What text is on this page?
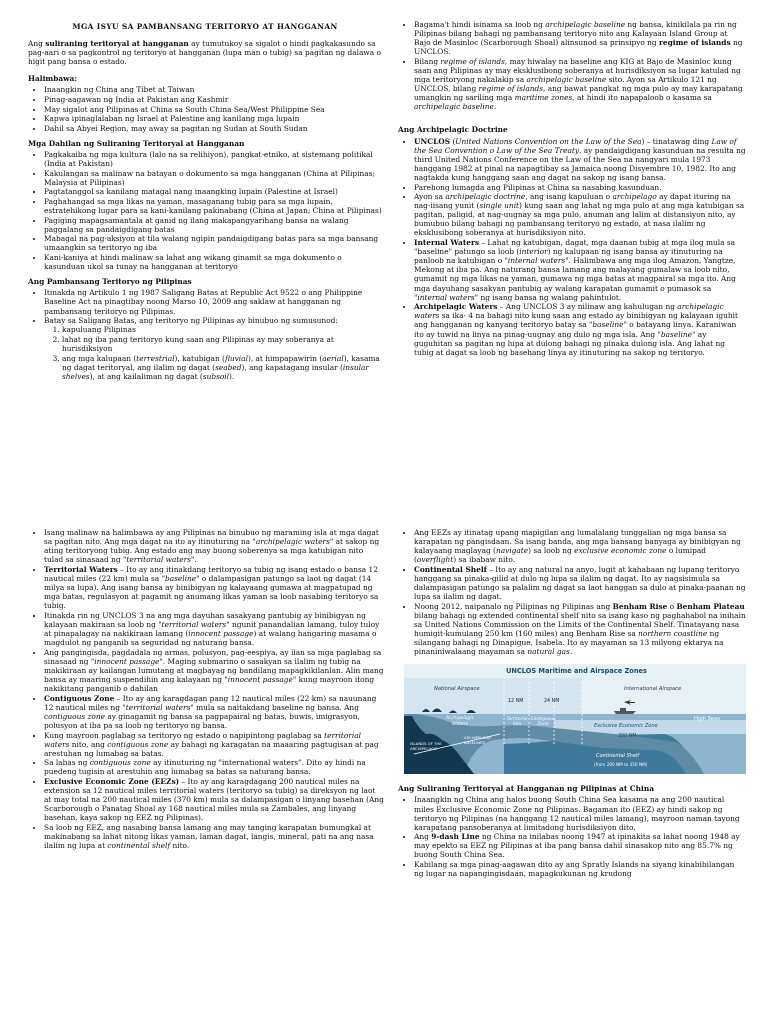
MGA ISYU SA PAMBANSANG TERITORYO AT HANGGANAN

Ang suliraning teritoryal at hangganan ay tumutukoy sa sigalot o hindi pagkakasundo sa pag-aari o sa pagkontrol ng teritoryo at hangganan (lupa man o tubig) sa pagitan ng dalawa o higit pang bansa o estado.

Halimbawa:
• Inaangkin ng China ang Tibet at Taiwan
• Pinag-aagawan ng India at Pakistan ang Kashmir
• May sigalot ang Pilipinas at China sa South China Sea/West Philippine Sea
• Kapwa ipinaglalaban ng Israel at Palestine ang kanilang mga lupain
• Dahil sa Abyei Region, may away sa pagitan ng Sudan at South Sudan
Mga Dahilan ng Suliraning Teritoryal at Hangganan
• Pagkakaiba ng mga kultura (lalo na sa relihiyon), pangkat-etniko, at sistemang politikal (India at Pakistan)
• Kakulangan sa malinaw na batayan o dokumento sa mga hangganan (China at Pilipinas; Malaysia at Pilipinas)
• Pagtatanggol sa kanilang matagal nang inaangking lupain (Palestine at Israel)
• Paghahangad sa mga likas na yaman, masaganang tubig para sa mga lupain, estratehikong lugar para sa kani-kanilang pakinabang (China at Japan; China at Pilipinas)
• Pagiging mapagsamantala at ganid ng ilang makapangyarihang bansa na walang paggalang sa pandaigdigang batas
• Mabagal na pag-aksiyon at tila walang ngipin pandaigdigang batas para sa mga bansang umaangkin sa teritoryo ng iba
• Kani-kaniya at hindi malinaw sa lahat ang wikang ginamit sa mga dokumento o kasunduan ukol sa tunay na hangganan at teritoryo
Ang Pambansang Teritoryo ng Pilipinas
• Itinakda ng Artikulo 1 ng 1987 Saligang Batas at Republic Act 9522 o ang Philippine Baseline Act na pinagtibay noong Marso 10, 2009 ang saklaw at hangganan ng pambansang teritoryo ng Pilipinas.
• Batay sa Saligang Batas, ang teritoryo ng Pilipinas ay binubuo ng sumusunod:
1. kapuluang Pilipinas
2. lahat ng iba pang teritoryo kung saan ang Pilipinas ay may soberanya at hurisdiksiyon
3. ang mga kalupaan (terrestrial), katubigan (fluvial), at himpapawirin (aerial), kasama ng dagat teritoryal, ang ilalim ng dagat (seabed), ang kapatagang insular (insular shelves), at ang kailaliman ng dagat (subsoil).
• Bagama't hindi isinama sa loob ng archipelagic baseline ng bansa, kinikilala pa rin ng Pilipinas bilang bahagi ng pambansang teritoryo nito ang Kalayaan Island Group at Bajo de Masinloc (Scarborough Shoal) alinsunod sa prinsipyo ng regime of islands ng UNCLOS.
• Bilang regime of islands, may hiwalay na baseline ang KIG at Bajo de Masinloc kung saan ang Pilipinas ay may eksklusibong soberanya at hurisdiksiyon sa lugar katulad ng mga teritoryong nakalakip sa archipelagic baseline sito. Ayon sa Artikulo 121 ng UNCLOS, bilang regime of islands, ang bawat pangkat ng mga pulo ay may karapatang umangkin ng sariling mga maritime zones, at hindi ito napapaloob o kasama sa archipelagic baseline.
Ang Archipelagic Doctrine
• UNCLOS (United Nations Convention on the Law of the Sea) – tinatawag ding Law of the Sea Convention o Law of the Sea Treaty, ay pandaigdigang kasunduan na resulta ng third United Nations Conference on the Law of the Sea na nangyari mula 1973 hanggang 1982 at pinal na napagtibay sa Jamaica noong Disyembre 10, 1982. Ito ang nagtakda kung hanggang saan ang dagat na sakop ng isang bansa.
• Parehong lumagda ang Pilipinas at China sa nasabing kasunduan.
• Ayon sa archipelagic doctrine, ang isang kapuluan o archipelago ay dapat ituring na nag-iisang yunit (single unit) kung saan ang lahat ng mga pulo at ang mga katubigan sa pagitan, paligid, at nag-uugnay sa mga pulo, anuman ang lalim at distansiyon nito, ay bumubuo bilang bahagi ng pambansang teritoryo ng estado, at nasa ilalim ng eksklusibong soberanya at hurisdiksiyon nito.
• Internal Waters – Lahat ng katubigan, dagat, mga daanan tubig at mga ilog mula sa "baseline" patungo sa loob (interior) ng kalupaan ng isang bansa ay itinuturing na panloob na katubigan o "internal waters". Halimbawa ang mga ilog Amazon, Yangtze, Mekong at iba pa. Ang naturang bansa lamang ang malayang gumalaw sa loob nito, gumamit ng mga likas na yaman, gumawa ng mga batas at magpairal sa mga ito. Ang mga dayuhang sasakyan pantubig ay walang karapatan gumamit o pumasok sa "internal waters" ng isang bansa ng walang pahintulot.
• Archipelagic Waters – Ang UNCLOS 3 ay nilinaw ang kahulugan ng archipelagic waters sa ika- 4 na bahagi nito kung saan ang estado ay binibigyan ng kalayaan iguhit ang hangganan ng kanyang teritoryo batay sa "baseline" o batayang linya. Karaniwan ito ay tuwid na linya na pinag-uugnay ang dulo ng mga isla. Ang "baseline" ay guguhitan sa pagitan ng lupa at dulong bahagi ng pinaka dulong isla. Ang lahat ng tubig at dagat sa loob ng basehang linya ay itinuturing na sakop ng teritoryo.
• Isang malinaw na halimbawa ay ang Pilipinas na binubuo ng maraming isla at mga dagat sa pagitan nito. Ang mga dagat na ito ay itinuturing na "archipelagic waters" at sakop ng ating teritoryong tubig. Ang estado ang may buong soberenya sa mga katubigan nito tulad sa sinasaad ng "territorial waters".
• Territorial Waters – Ito ay ang itinakdang teritoryo sa tubig ng isang estado o bansa 12 nautical miles (22 km) mula sa "baseline" o dalampasigan patungo sa laot ng dagat (14 milya sa lupa). Ang isang bansa ay binibigyan ng kalayaang gumawa at magpatupad ng mga batas, regulasyon at pagamit ng anumang likas yaman sa loob nasabing teritoryo sa tubig.
• Itinakda rin ng UNCLOS 3 na ang mga dayuhan sasakyang pantubig ay binibigyan ng kalayaan makiraan sa loob ng "territorial waters" ngunit panandalian lamang, tuloy tuloy at pinapalagay na nakikiraan lamang (innocent passage) at walang hangaring masama o magdulot ng panganib sa seguridad ng naturang bansa.
• Ang pangingisda, pagdadala ng armas, polusyon, pag-eespiya, ay ilan sa mga paglabag sa sinasaad ng "innocent passage". Maging submarino o sasakyan sa ilalim ng tubig na makikiraan ay kailangan lumutang at magbayag ng bandilang mapagkikilanlan. Alin mang bansa ay maaring suspendihin ang kalayaan ng "innocent passage" kung mayroon itong nakikitang panganib o dahilan
• Contiguous Zone – Ito ay ang karagdagan pang 12 nautical miles (22 km) sa nauunang 12 nautical miles ng "territorial waters" mula sa naitakdang baseline ng bansa. Ang contiguous zone ay ginagamit ng bansa sa pagpapairal ng batas, buwis, imigrasyon, polusyon at iba pa sa loob ng teritoryo ng bansa.
• Kung mayroon paglabag sa teritoryo ng estado o napipintong paglabag sa territorial waters nito, ang contiguous zone ay bahagi ng karagatan na maaaring pagtugisan at pag arestuhan ng lumabag sa batas.
• Sa labas ng contiguous zone ay itinuturing ng "international waters". Dito ay hindi na puedeng tugisin at arestuhin ang lumabag sa batas sa naturang bansa.
• Exclusive Economic Zone (EEZs) – Ito ay ang karagdagang 200 nautical miles na extension sa 12 nautical miles territorial waters (teritoryo sa tubig) sa direksyon ng laot at may total na 200 nautical miles (370 km) mula sa dalampasigan o linyang basehan (Ang Scarborough o Panatag Shoal ay 168 nautical miles mula sa Zambales, ang linyang basehan, kaya sakop ng EEZ ng Pilipinas).
• Sa loob ng EEZ, ang nasabing bansa lamang ang may tanging karapatan bumungkal at makinabang sa lahat nitong likas yaman, laman dagat, langis, mineral, pati na ang nasa ilalim ng lupa at continental shelf nito.
• Ang EEZs ay itinatag upang mapigilan ang lumalalang tunggalian ng mga bansa sa karapatan ng pangisdaan. Sa isang banda, ang mga bansang banyaga ay binibigyan ng kalayaang maglayag (navigate) sa loob ng exclusive economic zone o lumipad (overflight) sa ibabaw nito.
• Continental Shelf – Ito ay ang natural na anyo, lugit at kahabaan ng lupang teritoryo hanggang sa pinaka-gilid at dulo ng lupa sa ilalim ng dagat. Ito ay nagsisimula sa dalampasigan patungo sa palalim ng dagat sa laot hanggan sa dulo at pinaka-paanan ng lupa sa ilalim ng dagat.
• Noong 2012, naipanalo ng Pilipinas ng Pilipinas ang Benham Rise o Benham Plateau bilang bahagi ng extended continental shelf nito sa isang kaso ng paghahabol na inihain sa United Nations Commission on the Limits of the Continental Shelf. Tinatayang nasa humigit-kumulang 250 km (160 miles) ang Benham Rise sa northern coastline ng silangang bahagi ng Dinapigue, Isabela. Ito ay mayaman sa 13 milyong ektarya na pinaniniwalaang mayaman sa natural gas.
UNCLOS Maritime and Airspace Zones
National Airspace	International Airspace
12 NM	24 NM
Archipelagic Waters
Territorial Sea
Contiguous Zone
High Seas
Exclusive Economic Zone
200 NM
ISLANDS OF THE ARCHIPELAGO
ARCHIPELAGIC BASELINES
Continental Shelf
(from 200 NM to 350 NM)
Ang Suliraning Teritoryal at Hangganan ng Pilipinas at China
• Inaangkin ng China ang halos buong South China Sea kasama na ang 200 nautical miles Exclusive Economic Zone ng Pilipinas. Bagaman ito (EEZ) ay hindi sakop ng teritoryo ng Pilipinas (na hanggang 12 nautical miles lamang), mayroon naman tayong karapatang pansoberanya at limitadong hurisdiksiyon dito.
• Ang 9-dash Line ng China na inilabas noong 1947 at ipinakita sa lahat noong 1948 ay may epekto sa EEZ ng Pilipinas at iba pang bansa dahil sinasakop nito ang 85.7% ng buong South China Sea.
• Kabilang sa mga pinag-aagawan dito ay ang Spratly Islands na siyang kinabibilangan ng lugar na napangingisdaan, mapagkukunan ng krudong
